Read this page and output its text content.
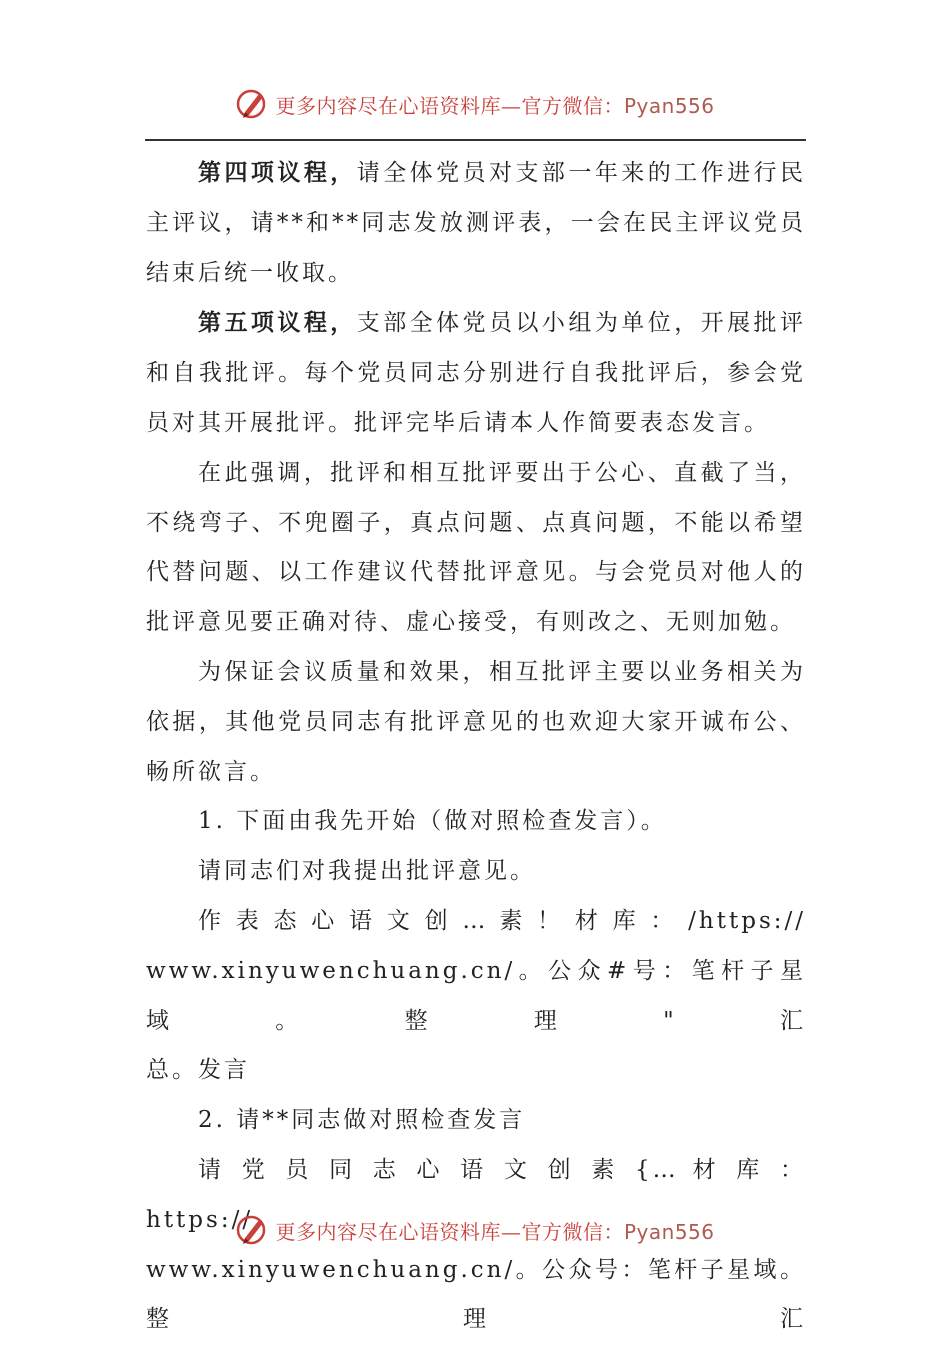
更多内容尽在心语资料库—官方微信：Pyan556

第四项议程，请全体党员对支部一年来的工作进行民主评议，请**和**同志发放测评表，一会在民主评议党员结束后统一收取。

第五项议程，支部全体党员以小组为单位，开展批评和自我批评。每个党员同志分别进行自我批评后，参会党员对其开展批评。批评完毕后请本人作简要表态发言。

在此强调，批评和相互批评要出于公心、直截了当，不绕弯子、不兜圈子，真点问题、点真问题，不能以希望代替问题、以工作建议代替批评意见。与会党员对他人的批评意见要正确对待、虚心接受，有则改之、无则加勉。

为保证会议质量和效果，相互批评主要以业务相关为依据，其他党员同志有批评意见的也欢迎大家开诚布公、畅所欲言。

1. 下面由我先开始（做对照检查发言）。

请同志们对我提出批评意见。

作 表 态 心 语 文 创 … 素 ！ 材 库 ： /https://

www.xinyuwenchuang.cn/。公众#号：笔杆子星域。整理"汇

总。发言

2. 请**同志做对照检查发言

请 党 员 同 志 心 语 文 创 素 {… 材 库 ： https://

www.xinyuwenchuang.cn/。公众号：笔杆子星域。整理汇

更多内容尽在心语资料库—官方微信：Pyan556
